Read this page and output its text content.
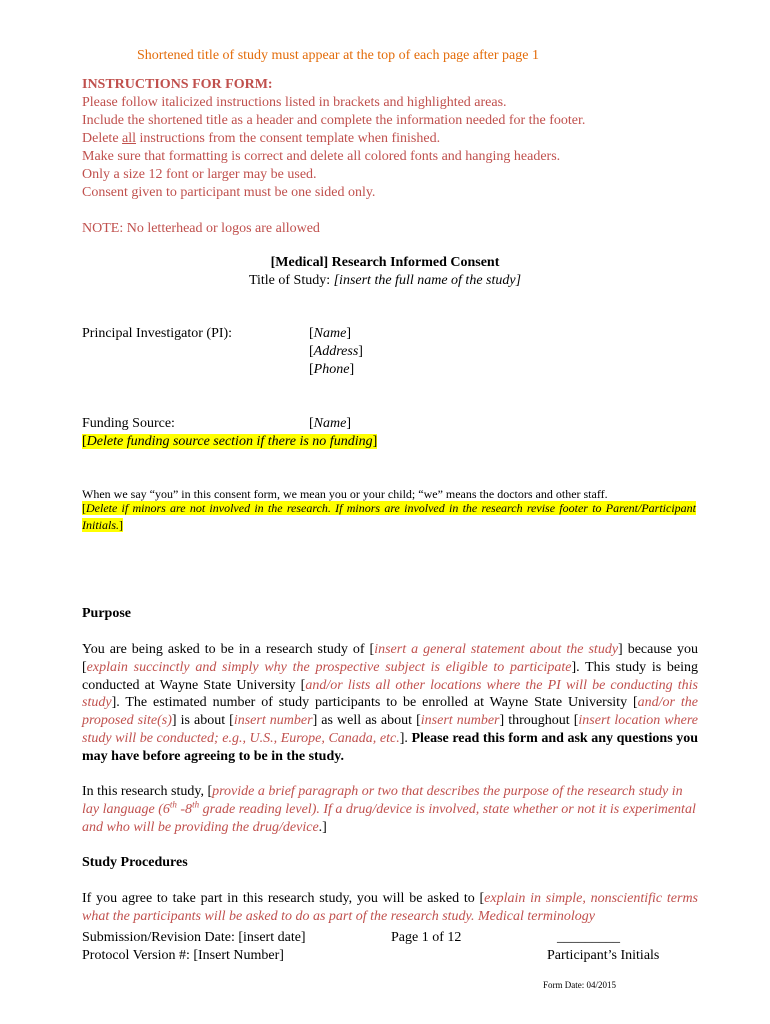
Shortened title of study must appear at the top of each page after page 1
INSTRUCTIONS FOR FORM:
Please follow italicized instructions listed in brackets and highlighted areas.
Include the shortened title as a header and complete the information needed for the footer.
Delete all instructions from the consent template when finished.
Make sure that formatting is correct and delete all colored fonts and hanging headers.
Only a size 12 font or larger may be used.
Consent given to participant must be one sided only.
NOTE: No letterhead or logos are allowed
[Medical] Research Informed Consent
Title of Study: [insert the full name of the study]
Principal Investigator (PI):	[Name]
[Address]
[Phone]
Funding Source:	[Name]
[Delete funding source section if there is no funding]
When we say “you” in this consent form, we mean you or your child; “we” means the doctors and other staff.
[Delete if minors are not involved in the research. If minors are involved in the research revise footer to Parent/Participant Initials.]
Purpose
You are being asked to be in a research study of [insert a general statement about the study] because you [explain succinctly and simply why the prospective subject is eligible to participate]. This study is being conducted at Wayne State University [and/or lists all other locations where the PI will be conducting this study]. The estimated number of study participants to be enrolled at Wayne State University [and/or the proposed site(s)] is about [insert number] as well as about [insert number] throughout [insert location where study will be conducted; e.g., U.S., Europe, Canada, etc.]. Please read this form and ask any questions you may have before agreeing to be in the study.
In this research study, [provide a brief paragraph or two that describes the purpose of the research study in lay language (6th -8th grade reading level). If a drug/device is involved, state whether or not it is experimental and who will be providing the drug/device.]
Study Procedures
If you agree to take part in this research study, you will be asked to [explain in simple, nonscientific terms what the participants will be asked to do as part of the research study. Medical terminology
Submission/Revision Date: [insert date]	Page 1 of 12	_________
Protocol Version #: [Insert Number]	Participant’s Initials
Form Date: 04/2015
